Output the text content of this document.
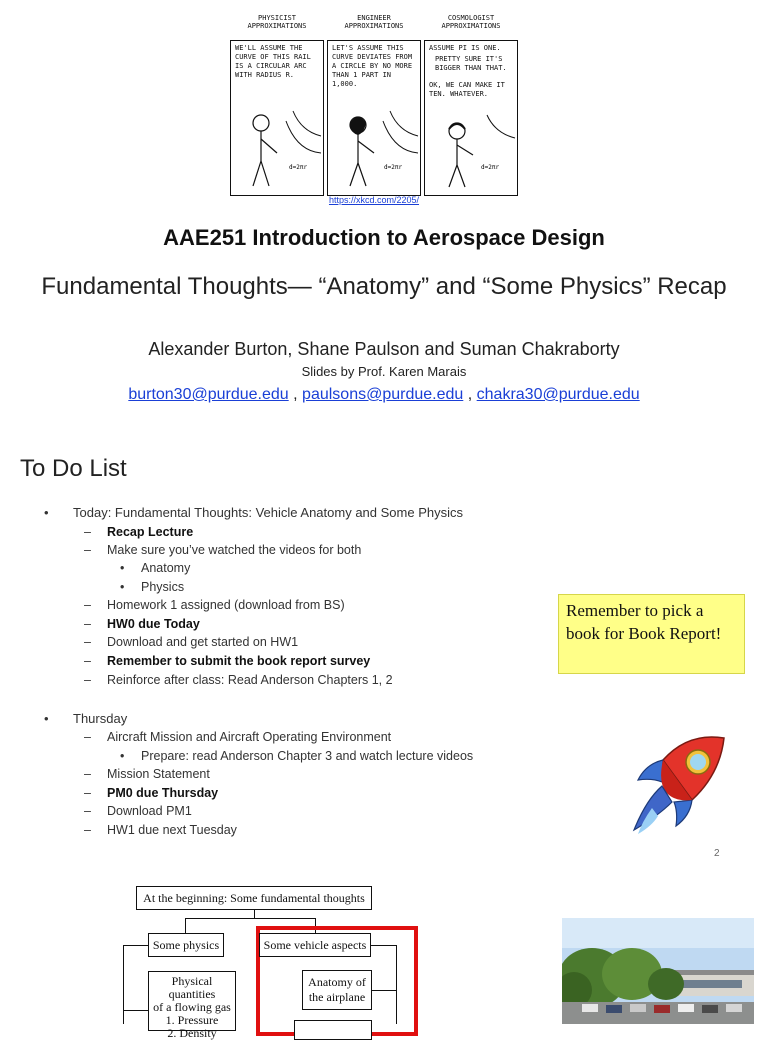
PHYSICIST APPROXIMATIONS
ENGINEER APPROXIMATIONS
COSMOLOGIST APPROXIMATIONS
WE'LL ASSUME THE CURVE OF THIS RAIL IS A CIRCULAR ARC WITH RADIUS R.
d=2πr
LET'S ASSUME THIS CURVE DEVIATES FROM A CIRCLE BY NO MORE THAN 1 PART IN 1,000.
d=2πr
ASSUME PI IS ONE.
PRETTY SURE IT'S BIGGER THAN THAT.
OK, WE CAN MAKE IT TEN. WHATEVER.
d=2πr
https://xkcd.com/2205/
AAE251 Introduction to Aerospace Design
Fundamental Thoughts— “Anatomy” and “Some Physics” Recap
Alexander Burton, Shane Paulson and Suman Chakraborty
Slides by Prof. Karen Marais
burton30@purdue.edu , paulsons@purdue.edu , chakra30@purdue.edu
To Do List
• Today: Fundamental Thoughts: Vehicle Anatomy and Some Physics
– Recap Lecture
– Make sure you’ve watched the videos for both
• Anatomy
• Physics
– Homework 1 assigned (download from BS)
– HW0 due Today
– Download and get started on HW1
– Remember to submit the book report survey
– Reinforce after class: Read Anderson Chapters 1, 2
• Thursday
– Aircraft Mission and Aircraft Operating Environment
• Prepare: read Anderson Chapter 3 and watch lecture videos
– Mission Statement
– PM0 due Thursday
– Download PM1
– HW1 due next Tuesday
Remember to pick a book for Book Report!
2
At the beginning: Some fundamental thoughts
Some physics
Physical quantities
of a flowing gas
1. Pressure
2. Density
Some vehicle aspects
Anatomy of the airplane
